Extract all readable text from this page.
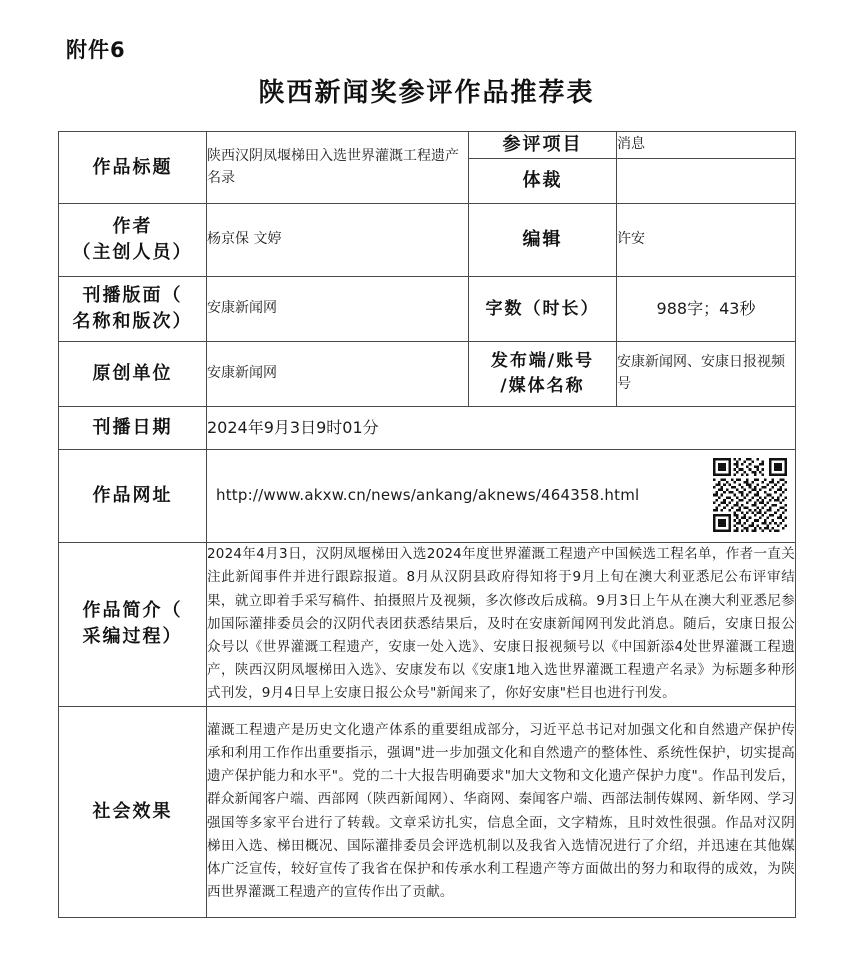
附件6
陕西新闻奖参评作品推荐表
作品标题	陕西汉阴凤堰梯田入选世界灌溉工程遗产名录	参评项目	消息
		体裁	

作者
（主创人员）	杨京保 文婷	编辑	许安

刊播版面（
名称和版次）	安康新闻网	字数（时长）	988字；43秒
原创单位	安康新闻网	发布端/账号
/媒体名称	安康新闻网、安康日报视频号
刊播日期	2024年9月3日9时01分		
作品网址	http://www.akxw.cn/news/ankang/aknews/464358.html		

作品简介（
采编过程）	2024年4月3日，汉阴凤堰梯田入选2024年度世界灌溉工程遗产中国候选工程名单，作者一直关注此新闻事件并进行跟踪报道。8月从汉阴县政府得知将于9月上旬在澳大利亚悉尼公布评审结果，就立即着手采写稿件、拍摄照片及视频，多次修改后成稿。9月3日上午从在澳大利亚悉尼参加国际灌排委员会的汉阴代表团获悉结果后，及时在安康新闻网刊发此消息。随后，安康日报公众号以《世界灌溉工程遗产，安康一处入选》、安康日报视频号以《中国新添4处世界灌溉工程遗产，陕西汉阴凤堰梯田入选》、安康发布以《安康1地入选世界灌溉工程遗产名录》为标题多种形式刊发，9月4日早上安康日报公众号"新闻来了，你好安康"栏目也进行刊发。		
社会效果	灌溉工程遗产是历史文化遗产体系的重要组成部分，习近平总书记对加强文化和自然遗产保护传承和利用工作作出重要指示，强调"进一步加强文化和自然遗产的整体性、系统性保护，切实提高遗产保护能力和水平"。党的二十大报告明确要求"加大文物和文化遗产保护力度"。作品刊发后，群众新闻客户端、西部网（陕西新闻网）、华商网、秦闻客户端、西部法制传媒网、新华网、学习强国等多家平台进行了转载。文章采访扎实，信息全面，文字精炼，且时效性很强。作品对汉阴梯田入选、梯田概况、国际灌排委员会评选机制以及我省入选情况进行了介绍，并迅速在其他媒体广泛宣传，较好宣传了我省在保护和传承水利工程遗产等方面做出的努力和取得的成效，为陕西世界灌溉工程遗产的宣传作出了贡献。		
